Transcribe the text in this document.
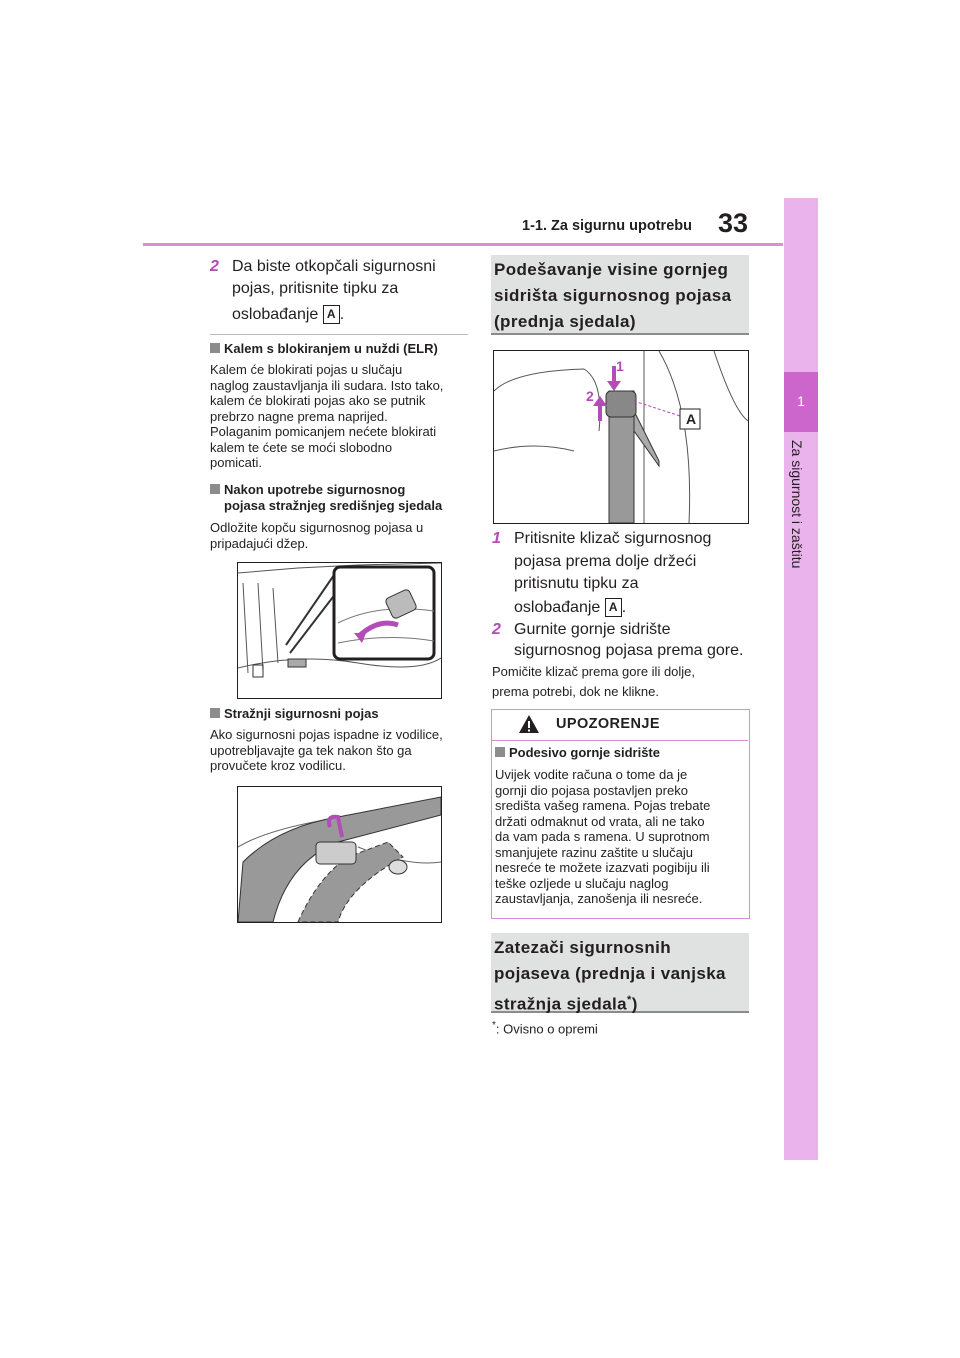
1-1. Za sigurnu upotrebu 33
1
Za sigurnost i zaštitu
2 Da biste otkopčali sigurnosni
pojas, pritisnite tipku za
oslobađanje A .
Kalem s blokiranjem u nuždi (ELR)
Kalem će blokirati pojas u slučaju
naglog zaustavljanja ili sudara. Isto tako,
kalem će blokirati pojas ako se putnik
prebrzo nagne prema naprijed.
Polaganim pomicanjem nećete blokirati
kalem te ćete se moći slobodno
pomicati.
Nakon upotrebe sigurnosnog
pojasa stražnjeg središnjeg sjedala
Odložite kopču sigurnosnog pojasa u
pripadajući džep.
Stražnji sigurnosni pojas
Ako sigurnosni pojas ispadne iz vodilice,
upotrebljavajte ga tek nakon što ga
provučete kroz vodilicu.
Podešavanje visine gornjeg
sidrišta sigurnosnog pojasa
(prednja sjedala)
A
1
2
1 Pritisnite klizač sigurnosnog
pojasa prema dolje držeći
pritisnutu tipku za
oslobađanje A .
2 Gurnite gornje sidrište
sigurnosnog pojasa prema gore.
Pomičite klizač prema gore ili dolje,
prema potrebi, dok ne klikne.
UPOZORENJE
Podesivo gornje sidrište
Uvijek vodite računa o tome da je
gornji dio pojasa postavljen preko
središta vašeg ramena. Pojas trebate
držati odmaknut od vrata, ali ne tako
da vam pada s ramena. U suprotnom
smanjujete razinu zaštite u slučaju
nesreće te možete izazvati pogibiju ili
teške ozljede u slučaju naglog
zaustavljanja, zanošenja ili nesreće.
Zatezači sigurnosnih
pojaseva (prednja i vanjska
stražnja sjedala*)
*: Ovisno o opremi
